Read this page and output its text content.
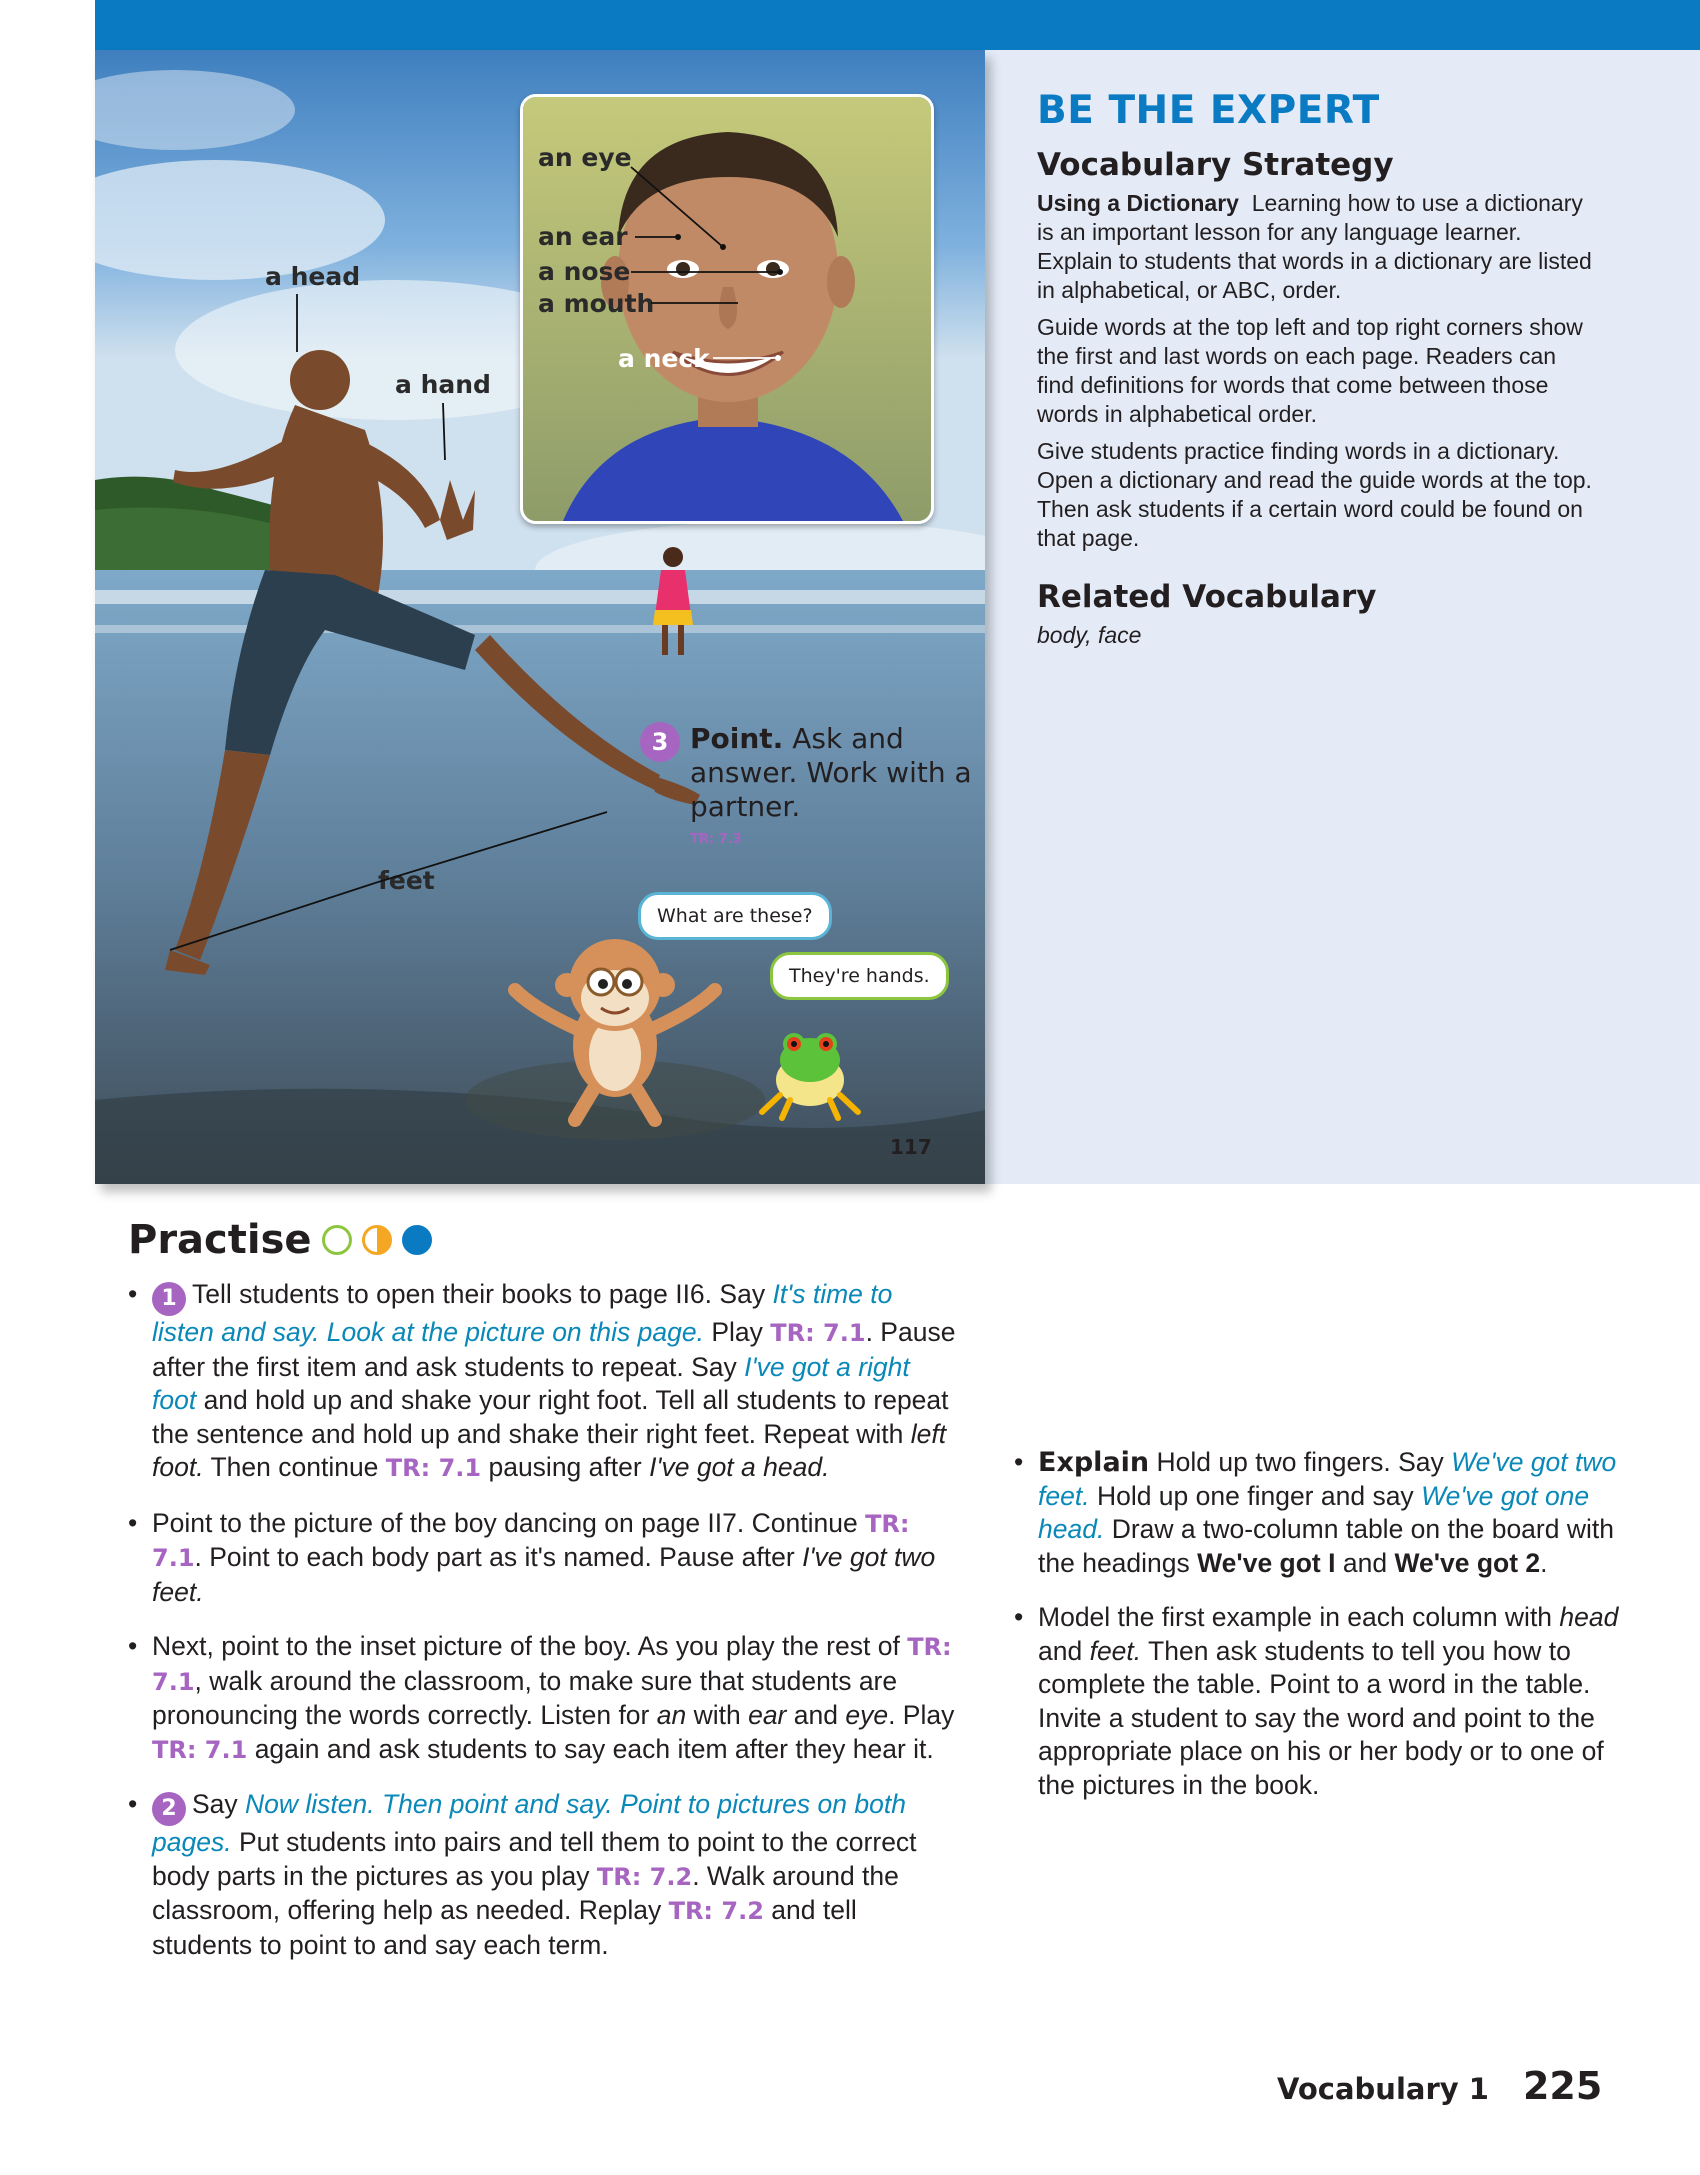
an eye
an ear
a nose
a mouth
a neck
a head
a hand
feet
3 Point. Ask and answer. Work with a partner.
TR: 7.3
What are these?
They're hands.
117
BE THE EXPERT
Vocabulary Strategy

Using a Dictionary Learning how to use a dictionary is an important lesson for any language learner. Explain to students that words in a dictionary are listed in alphabetical, or ABC, order.

Guide words at the top left and top right corners show the first and last words on each page. Readers can find definitions for words that come between those words in alphabetical order.

Give students practice finding words in a dictionary. Open a dictionary and read the guide words at the top. Then ask students if a certain word could be found on that page.

Related Vocabulary

body, face

Practise
• 1 Tell students to open their books to page II6. Say It's time to listen and say. Look at the picture on this page. Play TR: 7.1. Pause after the first item and ask students to repeat. Say I've got a right foot and hold up and shake your right foot. Tell all students to repeat the sentence and hold up and shake their right feet. Repeat with left foot. Then continue TR: 7.1 pausing after I've got a head.
• Point to the picture of the boy dancing on page II7. Continue TR: 7.1. Point to each body part as it's named. Pause after I've got two feet.
• Next, point to the inset picture of the boy. As you play the rest of TR: 7.1, walk around the classroom, to make sure that students are pronouncing the words correctly. Listen for an with ear and eye. Play TR: 7.1 again and ask students to say each item after they hear it.
• 2 Say Now listen. Then point and say. Point to pictures on both pages. Put students into pairs and tell them to point to the correct body parts in the pictures as you play TR: 7.2. Walk around the classroom, offering help as needed. Replay TR: 7.2 and tell students to point to and say each term.
• Explain Hold up two fingers. Say We've got two feet. Hold up one finger and say We've got one head. Draw a two-column table on the board with the headings We've got I and We've got 2.
• Model the first example in each column with head and feet. Then ask students to tell you how to complete the table. Point to a word in the table. Invite a student to say the word and point to the appropriate place on his or her body or to one of the pictures in the book.
Vocabulary 1 225
